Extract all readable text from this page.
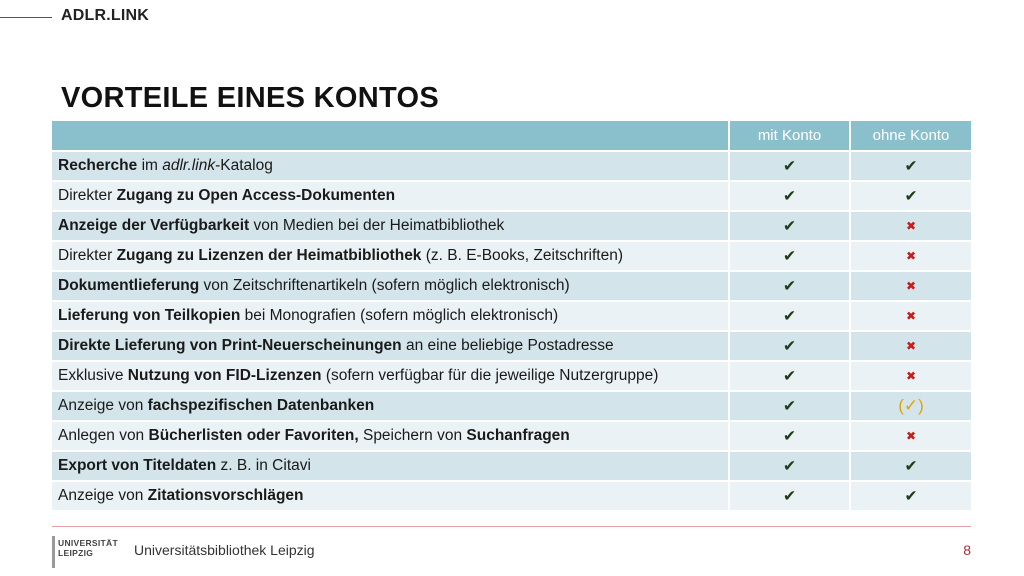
ADLR.LINK
VORTEILE EINES KONTOS
	mit Konto	ohne Konto
Recherche im adlr.link-Katalog	✔	✔
Direkter Zugang zu Open Access-Dokumenten	✔	✔
Anzeige der Verfügbarkeit von Medien bei der Heimatbibliothek	✔	✖
Direkter Zugang zu Lizenzen der Heimatbibliothek (z. B. E-Books, Zeitschriften)	✔	✖
Dokumentlieferung von Zeitschriftenartikeln (sofern möglich elektronisch)	✔	✖
Lieferung von Teilkopien bei Monografien (sofern möglich elektronisch)	✔	✖
Direkte Lieferung von Print-Neuerscheinungen an eine beliebige Postadresse	✔	✖
Exklusive Nutzung von FID-Lizenzen (sofern verfügbar für die jeweilige Nutzergruppe)	✔	✖
Anzeige von fachspezifischen Datenbanken	✔	(✓)
Anlegen von Bücherlisten oder Favoriten, Speichern von Suchanfragen	✔	✖
Export von Titeldaten z. B. in Citavi	✔	✔
Anzeige von Zitationsvorschlägen	✔	✔
UNIVERSITÄT
LEIPZIG	Universitätsbibliothek Leipzig	8
